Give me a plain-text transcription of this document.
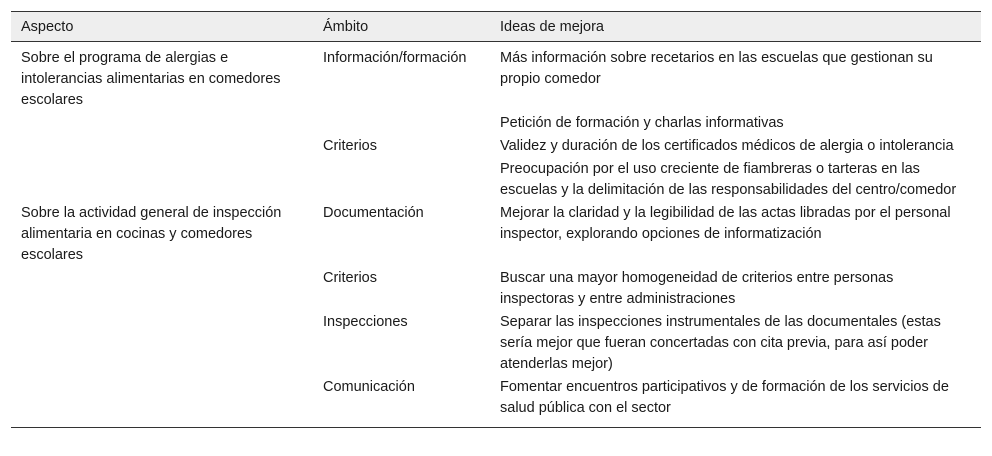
Aspecto	Ámbito	Ideas de mejora
Sobre el programa de alergias e intolerancias alimentarias en comedores escolares	Información/formación	Más información sobre recetarios en las escuelas que gestionan su propio comedor
		Petición de formación y charlas informativas
	Criterios	Validez y duración de los certificados médicos de alergia o intolerancia
		Preocupación por el uso creciente de fiambreras o tarteras en las escuelas y la delimitación de las responsabilidades del centro/comedor
Sobre la actividad general de inspección alimentaria en cocinas y comedores escolares	Documentación	Mejorar la claridad y la legibilidad de las actas libradas por el personal inspector, explorando opciones de informatización
	Criterios	Buscar una mayor homogeneidad de criterios entre personas inspectoras y entre administraciones
	Inspecciones	Separar las inspecciones instrumentales de las documentales (estas sería mejor que fueran concertadas con cita previa, para así poder atenderlas mejor)
	Comunicación	Fomentar encuentros participativos y de formación de los servicios de salud pública con el sector
